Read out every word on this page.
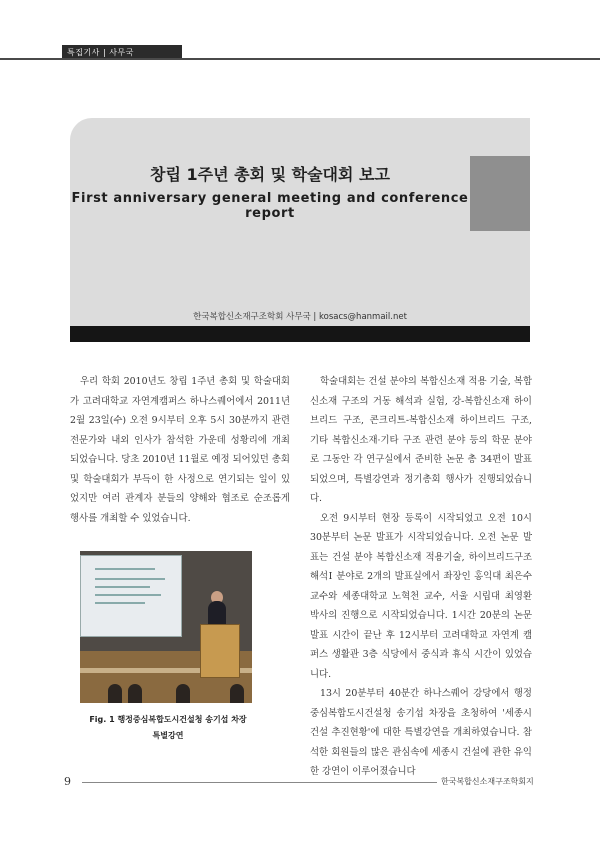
특집기사 | 사무국
창립 1주년 총회 및 학술대회 보고
First anniversary general meeting and conference report
한국복합신소재구조학회 사무국 | kosacs@hanmail.net

우리 학회 2010년도 창립 1주년 총회 및 학술대회가 고려대학교 자연계캠퍼스 하나스퀘어에서 2011년 2월 23일(수) 오전 9시부터 오후 5시 30분까지 관련 전문가와 내외 인사가 참석한 가운데 성황리에 개최 되었습니다. 당초 2010년 11월로 예정 되어있던 총회 및 학술대회가 부득이 한 사정으로 연기되는 일이 있었지만 여러 관계자 분들의 양해와 협조로 순조롭게 행사를 개최할 수 있었습니다.

Fig. 1 행정중심복합도시건설청 송기섭 차장
특별강연

학술대회는 건설 분야의 복합신소재 적용 기술, 복합신소재 구조의 거동 해석과 실험, 강-복합신소재 하이브리드 구조, 콘크리트-복합신소재 하이브리드 구조, 기타 복합신소재·기타 구조 관련 분야 등의 학문 분야로 그동안 각 연구실에서 준비한 논문 총 34편이 발표되었으며, 특별강연과 정기총회 행사가 진행되었습니다.

오전 9시부터 현장 등록이 시작되었고 오전 10시 30분부터 논문 발표가 시작되었습니다. 오전 논문 발표는 건설 분야 복합신소재 적용기술, 하이브리드구조 해석Ⅰ 분야로 2개의 발표실에서 좌장인 홍익대 최은수 교수와 세종대학교 노혁천 교수, 서울 시립대 최영환 박사의 진행으로 시작되었습니다. 1시간 20분의 논문 발표 시간이 끝난 후 12시부터 고려대학교 자연계 캠퍼스 생활관 3층 식당에서 중식과 휴식 시간이 있었습니다.

13시 20분부터 40분간 하나스퀘어 강당에서 행정중심복합도시건설청 송기섭 차장을 초청하여 '세종시 건설 추진현황'에 대한 특별강연을 개최하였습니다. 참석한 회원들의 많은 관심속에 세종시 건설에 관한 유익한 강연이 이루어졌습니다

9	한국복합신소재구조학회지
